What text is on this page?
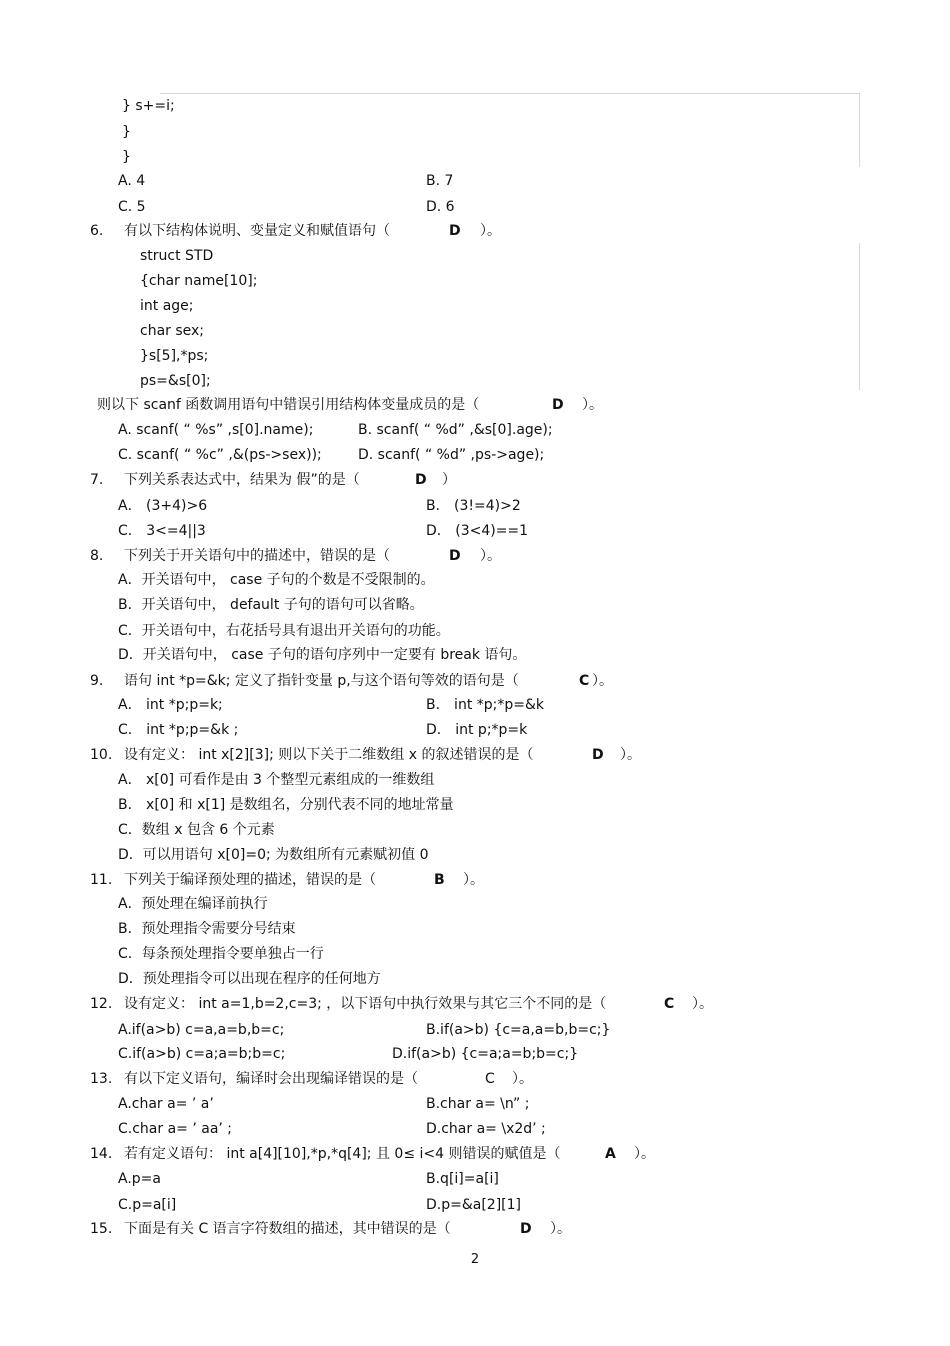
} s+=i;
}
}
A. 4	B. 7
C. 5	D. 6
6. 有以下结构体说明、变量定义和赋值语句（	D ）。
struct STD
{char name[10];
int age;
char sex;
}s[5],*ps;
ps=&s[0];
则以下 scanf 函数调用语句中错误引用结构体变量成员的是（	D ）。
A. scanf( “ %s” ,s[0].name);	B. scanf( “ %d” ,&s[0].age);
C. scanf( “ %c” ,&(ps->sex));	D. scanf( “ %d” ,ps->age);
7. 下列关系表达式中，结果为 假”的是（	D ）
A． (3+4)>6	B． (3!=4)>2
C． 3<=4||3	D． (3<4)==1
8. 下列关于开关语句中的描述中，错误的是（	D ）。
A．开关语句中， case 子句的个数是不受限制的。
B．开关语句中， default 子句的语句可以省略。
C．开关语句中，右花括号具有退出开关语句的功能。
D．开关语句中， case 子句的语句序列中一定要有 break 语句。
9. 语句 int *p=&k; 定义了指针变量 p,与这个语句等效的语句是（	C ）。
A． int *p;p=k;	B． int *p;*p=&k
C． int *p;p=&k ;	D． int p;*p=k
10. 设有定义： int x[2][3]; 则以下关于二维数组 x 的叙述错误的是（	D ）。
A． x[0] 可看作是由 3 个整型元素组成的一维数组
B． x[0] 和 x[1] 是数组名，分别代表不同的地址常量
C．数组 x 包含 6 个元素
D．可以用语句 x[0]=0; 为数组所有元素赋初值 0
11. 下列关于编译预处理的描述，错误的是（	B ）。
A．预处理在编译前执行
B．预处理指令需要分号结束
C．每条预处理指令要单独占一行
D．预处理指令可以出现在程序的任何地方
12. 设有定义： int a=1,b=2,c=3; ，以下语句中执行效果与其它三个不同的是（	C ）。
A.if(a>b) c=a,a=b,b=c;	B.if(a>b) {c=a,a=b,b=c;}
C.if(a>b) c=a;a=b;b=c;	D.if(a>b) {c=a;a=b;b=c;}
13. 有以下定义语句，编译时会出现编译错误的是（	C ）。
A.char a= ’ a’	B.char a= \n” ;
C.char a= ’ aa’ ;	D.char a= \x2d’ ;
14. 若有定义语句： int a[4][10],*p,*q[4]; 且 0≤ i<4 则错误的赋值是（	A ）。
A.p=a	B.q[i]=a[i]
C.p=a[i]	D.p=&a[2][1]
15. 下面是有关 C 语言字符数组的描述，其中错误的是（	D ）。
2
